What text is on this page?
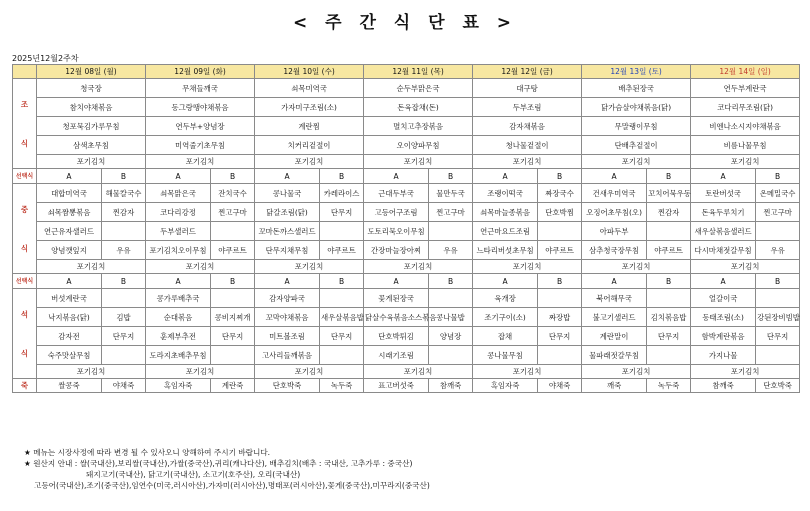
< 주 간 식 단 표 >
2025년12월2주차
	12월 08일 (월)		12월 09일 (화)		12월 10일 (수)		12월 11일 (목)		12월 12일 (금)		12월 13일 (토)		12월 14일 (일)	

조
식	청국장		무채들깨국		쇠목미역국		순두부맑은국		대구탕		배추된장국		연두부계란국	
	참치야채볶음		동그랑땡야채볶음		가자미구조림(소)		돈육잡채(돈)		두부조림		닭가슴살야채볶음(닭)		코다리무조림(닭)	
	청포묵김가루무침		연두부+양념장		계란찜		멸치고추장볶음		감자채볶음		무말랭이무침		비엔나소시지야채볶음	
	삼색초무침		미역줄기초무침		치커리겉절이		오이양파무침		청나물겉절이		단배추겉절이		비름나물무침	
	포기김치		포기김치		포기김치		포기김치		포기김치		포기김치		포기김치	
선택식	A	B	A	B	A	B	A	B	A	B	A	B	A	B

중
식	대합미역국	해물칼국수	쇠목맑은국	잔치국수	콩나물국	카레라이스	근대두부국	물만두국	조랭이떡국	짜장국수	건새우미역국	꼬치어묵우동	토란버섯국	온메밀국수
	쇠목짬뽕볶음	찐감자	코다리강정	찐고구마	닭갈조림(닭)	단무지	고등어구조림	찐고구마	쇠목마늘종볶음	단호박찜	오징어초무침(오)	찐감자	돈육두루치기	찐고구마
	연근유자샐러드		두부샐러드		꼬마돈까스샐러드		도토리묵오이무침		연근마요드조림		아파두부		새우살볶음샐러드	
	양념깻잎지	우유	포기김치오이무침	야쿠르트	단무지채무침	야쿠르트	간장마늘장아찌	우유	느타리버섯초무침	야쿠르트	삼추청국장무침	야쿠르트	다시마채젓갈무침	우유
	포기김치		포기김치		포기김치		포기김치		포기김치		포기김치		포기김치	
선택식	A	B	A	B	A	B	A	B	A	B	A	B	A	B

석
식	버섯계란국		콩가루배추국		감자양파국		꽃게된장국		육개장		북어해무국		얼갈이국	
	낙지볶음(닭)	김밥	순대볶음	콩비지찌개	꼬막야채볶음	새우살볶음밥	닭살수육볶음소스볶음	콩나물밥	조기구이(소)	짜장밥	불고기샐러드	김치볶음밥	동태조림(소)	강된장비빔밥
	감자전	단무지	훈제부추전	단무지	미트볼조림	단무지	단호박튀김	양념장	잡채	단무지	계란말이	단무지	함박계란볶음	단무지
	숙주맛살무침		도라지초배추무침		고사리들깨볶음		시래기조림		콩나물무침		물파래젓갈무침		가지나물	
	포기김치		포기김치		포기김치		포기김치		포기김치		포기김치		포기김치	
죽	쌀콩죽	야채죽	흑임자죽	계란죽	단호박죽	녹두죽	표고버섯죽	참깨죽	흑임자죽	야채죽	깨죽	녹두죽	참깨죽	단호박죽
★ 메뉴는 시장사정에 따라 변경 될 수 있사오니 양해하여 주시기 바랍니다.
★ 원산지 안내 : 쌀(국내산),보리쌀(국내산),가쌀(중국산),귀리(캐나다산), 배추김치(배추 : 국내산, 고추가루 : 중국산)
돼지고기(국내산), 닭고기(국내산), 소고기(호주산), 오리(국내산)
고등어(국내산),조기(중국산),임연수(미국,러시아산),가자미(러시아산),명태포(러시아산),꽃게(중국산),미꾸라지(중국산)
